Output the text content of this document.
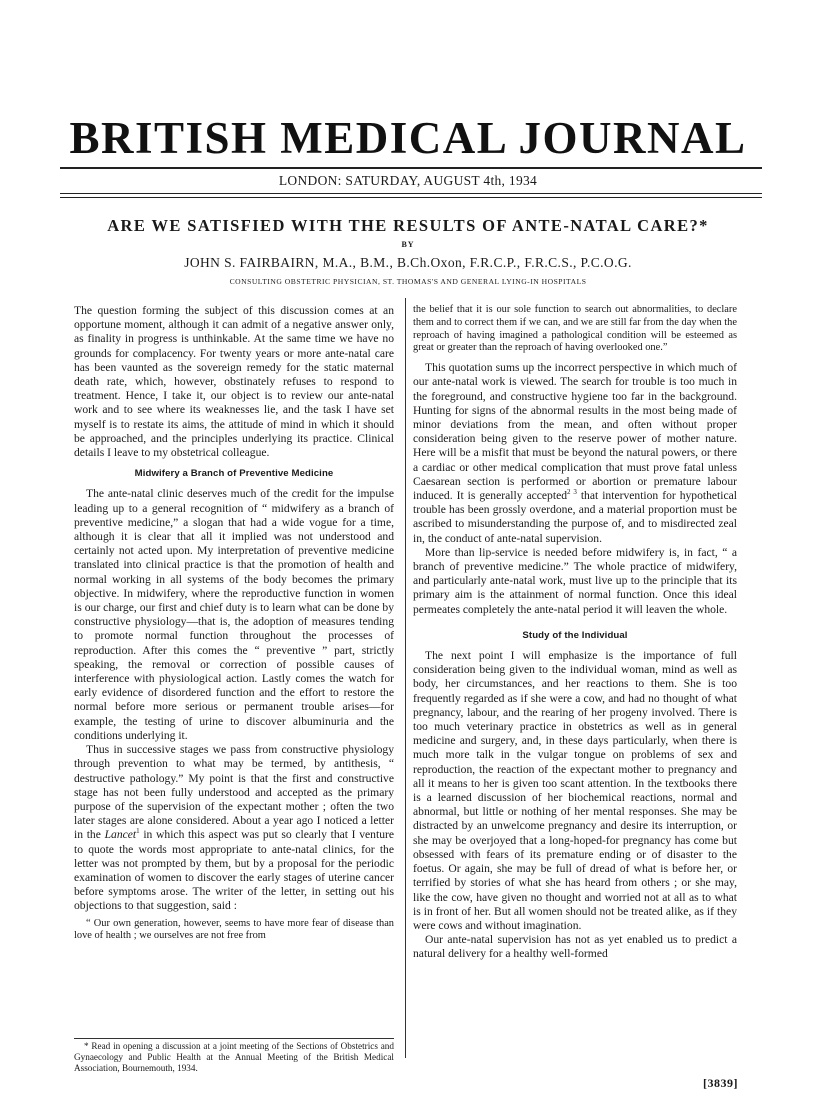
BRITISH MEDICAL JOURNAL
LONDON: SATURDAY, AUGUST 4th, 1934
ARE WE SATISFIED WITH THE RESULTS OF ANTE-NATAL CARE?*
BY
JOHN S. FAIRBAIRN, M.A., B.M., B.Ch.Oxon, F.R.C.P., F.R.C.S., P.C.O.G.
CONSULTING OBSTETRIC PHYSICIAN, ST. THOMAS'S AND GENERAL LYING-IN HOSPITALS

The question forming the subject of this discussion comes at an opportune moment, although it can admit of a negative answer only, as finality in progress is unthinkable. At the same time we have no grounds for complacency. For twenty years or more ante-natal care has been vaunted as the sovereign remedy for the static maternal death rate, which, however, obstinately refuses to respond to treatment. Hence, I take it, our object is to review our ante-natal work and to see where its weaknesses lie, and the task I have set myself is to restate its aims, the attitude of mind in which it should be approached, and the principles underlying its practice. Clinical details I leave to my obstetrical colleague.

Midwifery a Branch of Preventive Medicine

The ante-natal clinic deserves much of the credit for the impulse leading up to a general recognition of “ midwifery as a branch of preventive medicine,” a slogan that had a wide vogue for a time, although it is clear that all it implied was not understood and certainly not acted upon. My interpretation of preventive medicine translated into clinical practice is that the promotion of health and normal working in all systems of the body becomes the primary objective. In midwifery, where the reproductive function in women is our charge, our first and chief duty is to learn what can be done by constructive physiology—that is, the adoption of measures tending to promote normal function throughout the processes of reproduction. After this comes the “ preventive ” part, strictly speaking, the removal or correction of possible causes of interference with physiological action. Lastly comes the watch for early evidence of disordered function and the effort to restore the normal before more serious or permanent trouble arises—for example, the testing of urine to discover albuminuria and the conditions underlying it.

Thus in successive stages we pass from constructive physiology through prevention to what may be termed, by antithesis, “ destructive pathology.” My point is that the first and constructive stage has not been fully understood and accepted as the primary purpose of the supervision of the expectant mother ; often the two later stages are alone considered. About a year ago I noticed a letter in the Lancet$^1$ in which this aspect was put so clearly that I venture to quote the words most appropriate to ante-natal clinics, for the letter was not prompted by them, but by a proposal for the periodic examination of women to discover the early stages of uterine cancer before symptoms arose. The writer of the letter, in setting out his objections to that suggestion, said :

“ Our own generation, however, seems to have more fear of disease than love of health ; we ourselves are not free from

* Read in opening a discussion at a joint meeting of the Sections of Obstetrics and Gynaecology and Public Health at the Annual Meeting of the British Medical Association, Bournemouth, 1934.

the belief that it is our sole function to search out abnormalities, to declare them and to correct them if we can, and we are still far from the day when the reproach of having imagined a pathological condition will be esteemed as great or greater than the reproach of having overlooked one.”

This quotation sums up the incorrect perspective in which much of our ante-natal work is viewed. The search for trouble is too much in the foreground, and constructive hygiene too far in the background. Hunting for signs of the abnormal results in the most being made of minor deviations from the mean, and often without proper consideration being given to the reserve power of mother nature. Here will be a misfit that must be beyond the natural powers, or there a cardiac or other medical complication that must prove fatal unless Caesarean section is performed or abortion or premature labour induced. It is generally accepted$^{2 3}$ that intervention for hypothetical trouble has been grossly overdone, and a material proportion must be ascribed to misunderstanding the purpose of, and to misdirected zeal in, the conduct of ante-natal supervision.

More than lip-service is needed before midwifery is, in fact, “ a branch of preventive medicine.” The whole practice of midwifery, and particularly ante-natal work, must live up to the principle that its primary aim is the attainment of normal function. Once this ideal permeates completely the ante-natal period it will leaven the whole.

Study of the Individual

The next point I will emphasize is the importance of full consideration being given to the individual woman, mind as well as body, her circumstances, and her reactions to them. She is too frequently regarded as if she were a cow, and had no thought of what pregnancy, labour, and the rearing of her progeny involved. There is too much veterinary practice in obstetrics as well as in general medicine and surgery, and, in these days particularly, when there is much more talk in the vulgar tongue on problems of sex and reproduction, the reaction of the expectant mother to pregnancy and all it means to her is given too scant attention. In the textbooks there is a learned discussion of her biochemical reactions, normal and abnormal, but little or nothing of her mental responses. She may be distracted by an unwelcome pregnancy and desire its interruption, or she may be overjoyed that a long-hoped-for pregnancy has come but obsessed with fears of its premature ending or of disaster to the foetus. Or again, she may be full of dread of what is before her, or terrified by stories of what she has heard from others ; or she may, like the cow, have given no thought and worried not at all as to what is in front of her. But all women should not be treated alike, as if they were cows and without imagination.

Our ante-natal supervision has not as yet enabled us to predict a natural delivery for a healthy well-formed

[3839]
